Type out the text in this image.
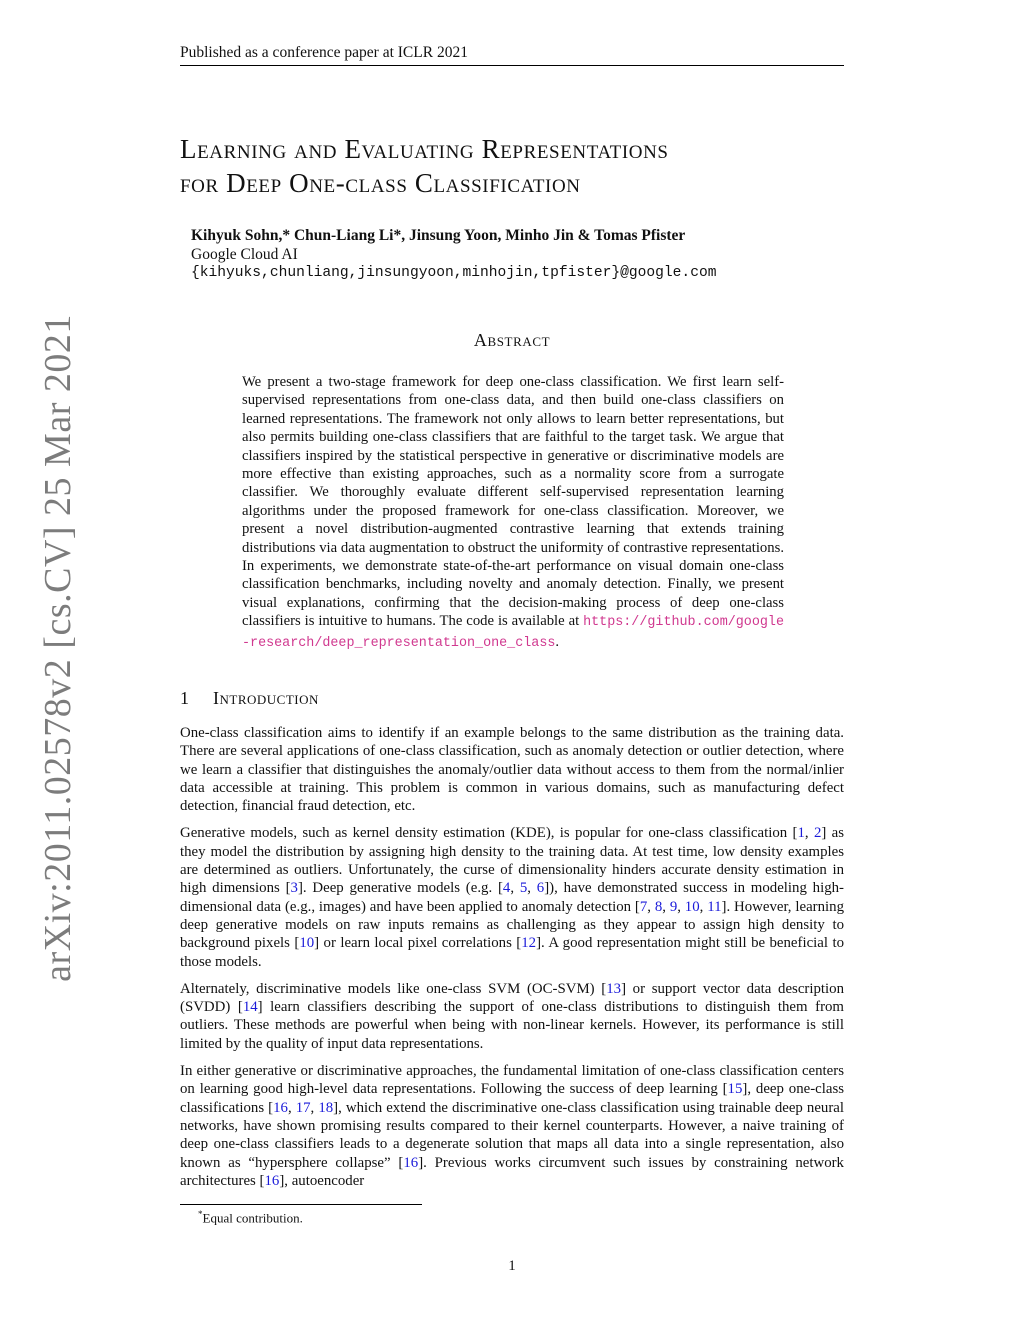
Published as a conference paper at ICLR 2021
arXiv:2011.02578v2 [cs.CV] 25 Mar 2021
Learning and Evaluating Representations
for Deep One-class Classification
Kihyuk Sohn,* Chun-Liang Li*, Jinsung Yoon, Minho Jin & Tomas Pfister
Google Cloud AI
{kihyuks,chunliang,jinsungyoon,minhojin,tpfister}@google.com
Abstract

We present a two-stage framework for deep one-class classification. We first learn self-supervised representations from one-class data, and then build one-class classifiers on learned representations. The framework not only allows to learn better representations, but also permits building one-class classifiers that are faithful to the target task. We argue that classifiers inspired by the statistical perspective in generative or discriminative models are more effective than existing approaches, such as a normality score from a surrogate classifier. We thoroughly evaluate different self-supervised representation learning algorithms under the proposed framework for one-class classification. Moreover, we present a novel distribution-augmented contrastive learning that extends training distributions via data augmentation to obstruct the uniformity of contrastive representations. In experiments, we demonstrate state-of-the-art performance on visual domain one-class classification benchmarks, including novelty and anomaly detection. Finally, we present visual explanations, confirming that the decision-making process of deep one-class classifiers is intuitive to humans. The code is available at https://github.com/google-research/deep_representation_one_class.

1 Introduction

One-class classification aims to identify if an example belongs to the same distribution as the training data. There are several applications of one-class classification, such as anomaly detection or outlier detection, where we learn a classifier that distinguishes the anomaly/outlier data without access to them from the normal/inlier data accessible at training. This problem is common in various domains, such as manufacturing defect detection, financial fraud detection, etc.

Generative models, such as kernel density estimation (KDE), is popular for one-class classification [1, 2] as they model the distribution by assigning high density to the training data. At test time, low density examples are determined as outliers. Unfortunately, the curse of dimensionality hinders accurate density estimation in high dimensions [3]. Deep generative models (e.g. [4, 5, 6]), have demonstrated success in modeling high-dimensional data (e.g., images) and have been applied to anomaly detection [7, 8, 9, 10, 11]. However, learning deep generative models on raw inputs remains as challenging as they appear to assign high density to background pixels [10] or learn local pixel correlations [12]. A good representation might still be beneficial to those models.

Alternately, discriminative models like one-class SVM (OC-SVM) [13] or support vector data description (SVDD) [14] learn classifiers describing the support of one-class distributions to distinguish them from outliers. These methods are powerful when being with non-linear kernels. However, its performance is still limited by the quality of input data representations.

In either generative or discriminative approaches, the fundamental limitation of one-class classification centers on learning good high-level data representations. Following the success of deep learning [15], deep one-class classifications [16, 17, 18], which extend the discriminative one-class classification using trainable deep neural networks, have shown promising results compared to their kernel counterparts. However, a naive training of deep one-class classifiers leads to a degenerate solution that maps all data into a single representation, also known as “hypersphere collapse” [16]. Previous works circumvent such issues by constraining network architectures [16], autoencoder

*Equal contribution.
1
